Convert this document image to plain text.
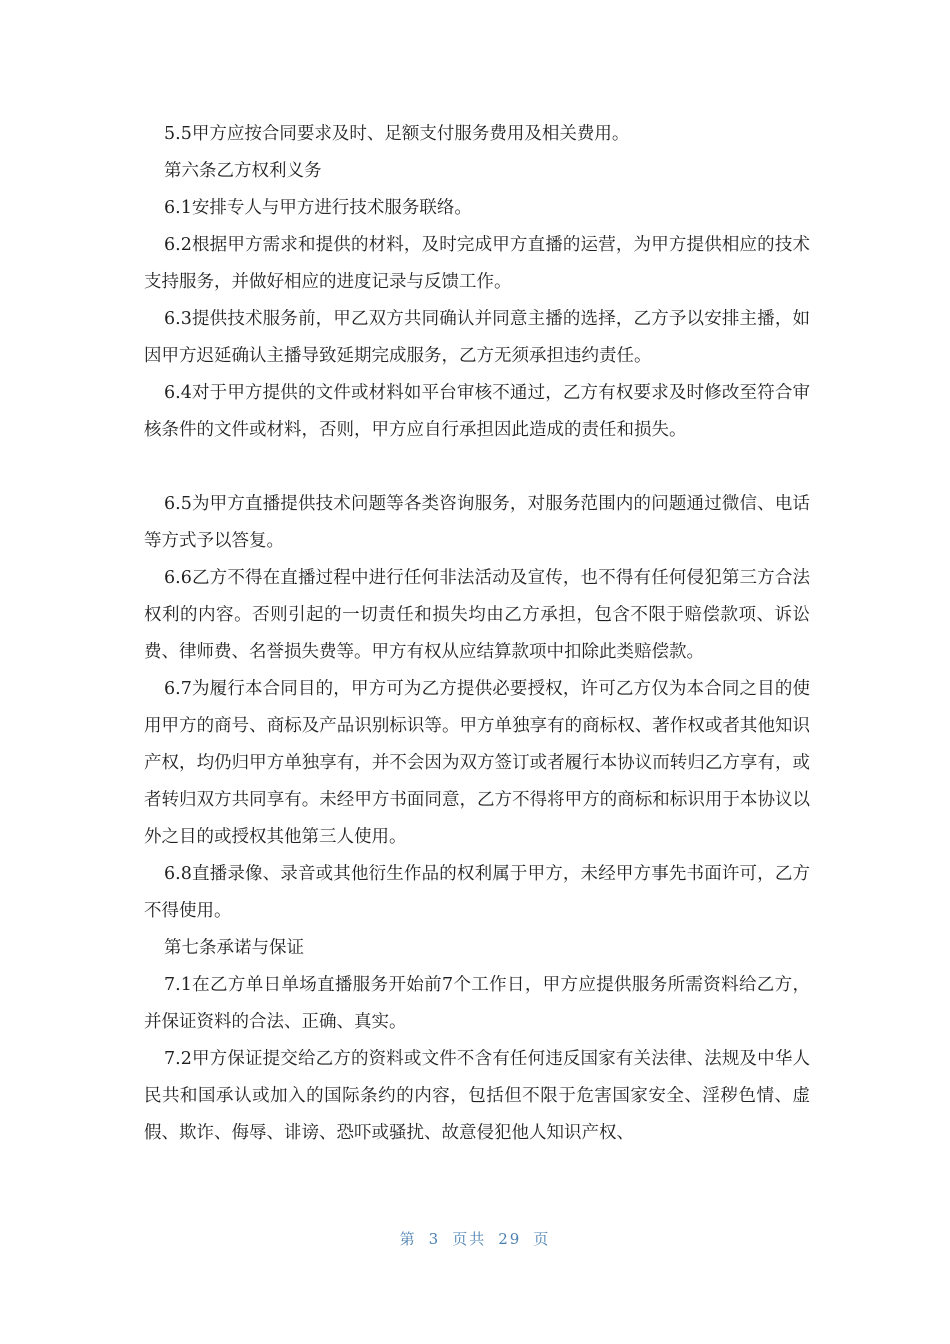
5.5甲方应按合同要求及时、足额支付服务费用及相关费用。

第六条乙方权利义务

6.1安排专人与甲方进行技术服务联络。

6.2根据甲方需求和提供的材料，及时完成甲方直播的运营，为甲方提供相应的技术支持服务，并做好相应的进度记录与反馈工作。

6.3提供技术服务前，甲乙双方共同确认并同意主播的选择，乙方予以安排主播，如因甲方迟延确认主播导致延期完成服务，乙方无须承担违约责任。

6.4对于甲方提供的文件或材料如平台审核不通过，乙方有权要求及时修改至符合审核条件的文件或材料，否则，甲方应自行承担因此造成的责任和损失。

6.5为甲方直播提供技术问题等各类咨询服务，对服务范围内的问题通过微信、电话等方式予以答复。

6.6乙方不得在直播过程中进行任何非法活动及宣传，也不得有任何侵犯第三方合法权利的内容。否则引起的一切责任和损失均由乙方承担，包含不限于赔偿款项、诉讼费、律师费、名誉损失费等。甲方有权从应结算款项中扣除此类赔偿款。

6.7为履行本合同目的，甲方可为乙方提供必要授权，许可乙方仅为本合同之目的使用甲方的商号、商标及产品识别标识等。甲方单独享有的商标权、著作权或者其他知识产权，均仍归甲方单独享有，并不会因为双方签订或者履行本协议而转归乙方享有，或者转归双方共同享有。未经甲方书面同意，乙方不得将甲方的商标和标识用于本协议以外之目的或授权其他第三人使用。

6.8直播录像、录音或其他衍生作品的权利属于甲方，未经甲方事先书面许可，乙方不得使用。

第七条承诺与保证

7.1在乙方单日单场直播服务开始前7个工作日，甲方应提供服务所需资料给乙方，并保证资料的合法、正确、真实。

7.2甲方保证提交给乙方的资料或文件不含有任何违反国家有关法律、法规及中华人民共和国承认或加入的国际条约的内容，包括但不限于危害国家安全、淫秽色情、虚假、欺诈、侮辱、诽谤、恐吓或骚扰、故意侵犯他人知识产权、

第 3 页共 29 页
